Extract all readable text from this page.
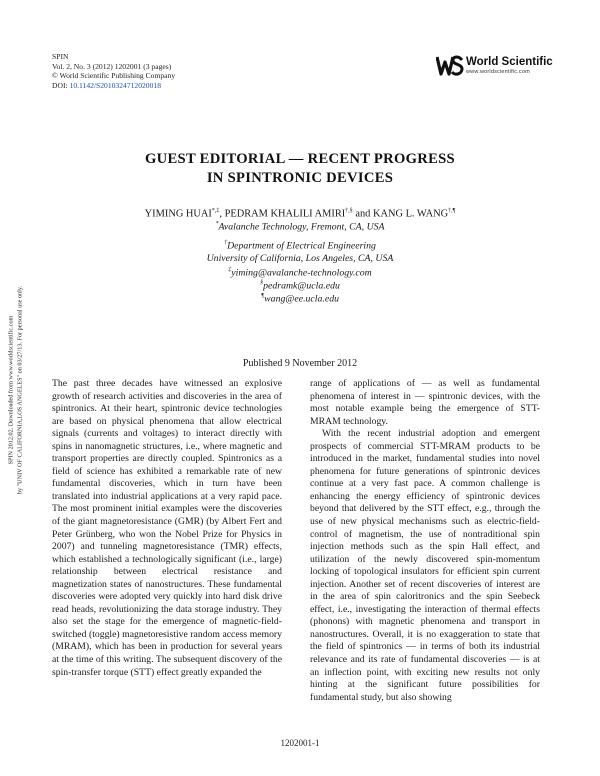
SPIN
Vol. 2, No. 3 (2012) 1202001 (3 pages)
© World Scientific Publishing Company
DOI: 10.1142/S2010324712020018
World Scientific
www.worldscientific.com
SPIN 2012.02. Downloaded from www.worldscientific.com by "UNIV OF CALIFORNIA,LOS ANGELES" on 03/27/13. For personal use only.
GUEST EDITORIAL — RECENT PROGRESS
IN SPINTRONIC DEVICES
YIMING HUAI*,‡, PEDRAM KHALILI AMIRI†,§ and KANG L. WANG†,¶
*Avalanche Technology, Fremont, CA, USA
†Department of Electrical Engineering
University of California, Los Angeles, CA, USA
‡yiming@avalanche-technology.com
§pedramk@ucla.edu
¶wang@ee.ucla.edu
Published 9 November 2012

The past three decades have witnessed an explosive growth of research activities and discoveries in the area of spintronics. At their heart, spintronic device technologies are based on physical phenomena that allow electrical signals (currents and voltages) to interact directly with spins in nanomagnetic structures, i.e., where magnetic and transport properties are directly coupled. Spintronics as a field of science has exhibited a remarkable rate of new fundamental discoveries, which in turn have been translated into industrial applications at a very rapid pace. The most prominent initial examples were the discoveries of the giant magnetoresistance (GMR) (by Albert Fert and Peter Grünberg, who won the Nobel Prize for Physics in 2007) and tunneling magnetoresistance (TMR) effects, which established a technologically significant (i.e., large) relationship between electrical resistance and magnetization states of nanostructures. These fundamental discoveries were adopted very quickly into hard disk drive read heads, revolutionizing the data storage industry. They also set the stage for the emergence of magnetic-field-switched (toggle) magnetoresistive random access memory (MRAM), which has been in production for several years at the time of this writing. The subsequent discovery of the spin-transfer torque (STT) effect greatly expanded the

range of applications of — as well as fundamental phenomena of interest in — spintronic devices, with the most notable example being the emergence of STT-MRAM technology.

With the recent industrial adoption and emergent prospects of commercial STT-MRAM products to be introduced in the market, fundamental studies into novel phenomena for future generations of spintronic devices continue at a very fast pace. A common challenge is enhancing the energy efficiency of spintronic devices beyond that delivered by the STT effect, e.g., through the use of new physical mechanisms such as electric-field-control of magnetism, the use of nontraditional spin injection methods such as the spin Hall effect, and utilization of the newly discovered spin-momentum locking of topological insulators for efficient spin current injection. Another set of recent discoveries of interest are in the area of spin caloritronics and the spin Seebeck effect, i.e., investigating the interaction of thermal effects (phonons) with magnetic phenomena and transport in nanostructures. Overall, it is no exaggeration to state that the field of spintronics — in terms of both its industrial relevance and its rate of fundamental discoveries — is at an inflection point, with exciting new results not only hinting at the significant future possibilities for fundamental study, but also showing

1202001-1
